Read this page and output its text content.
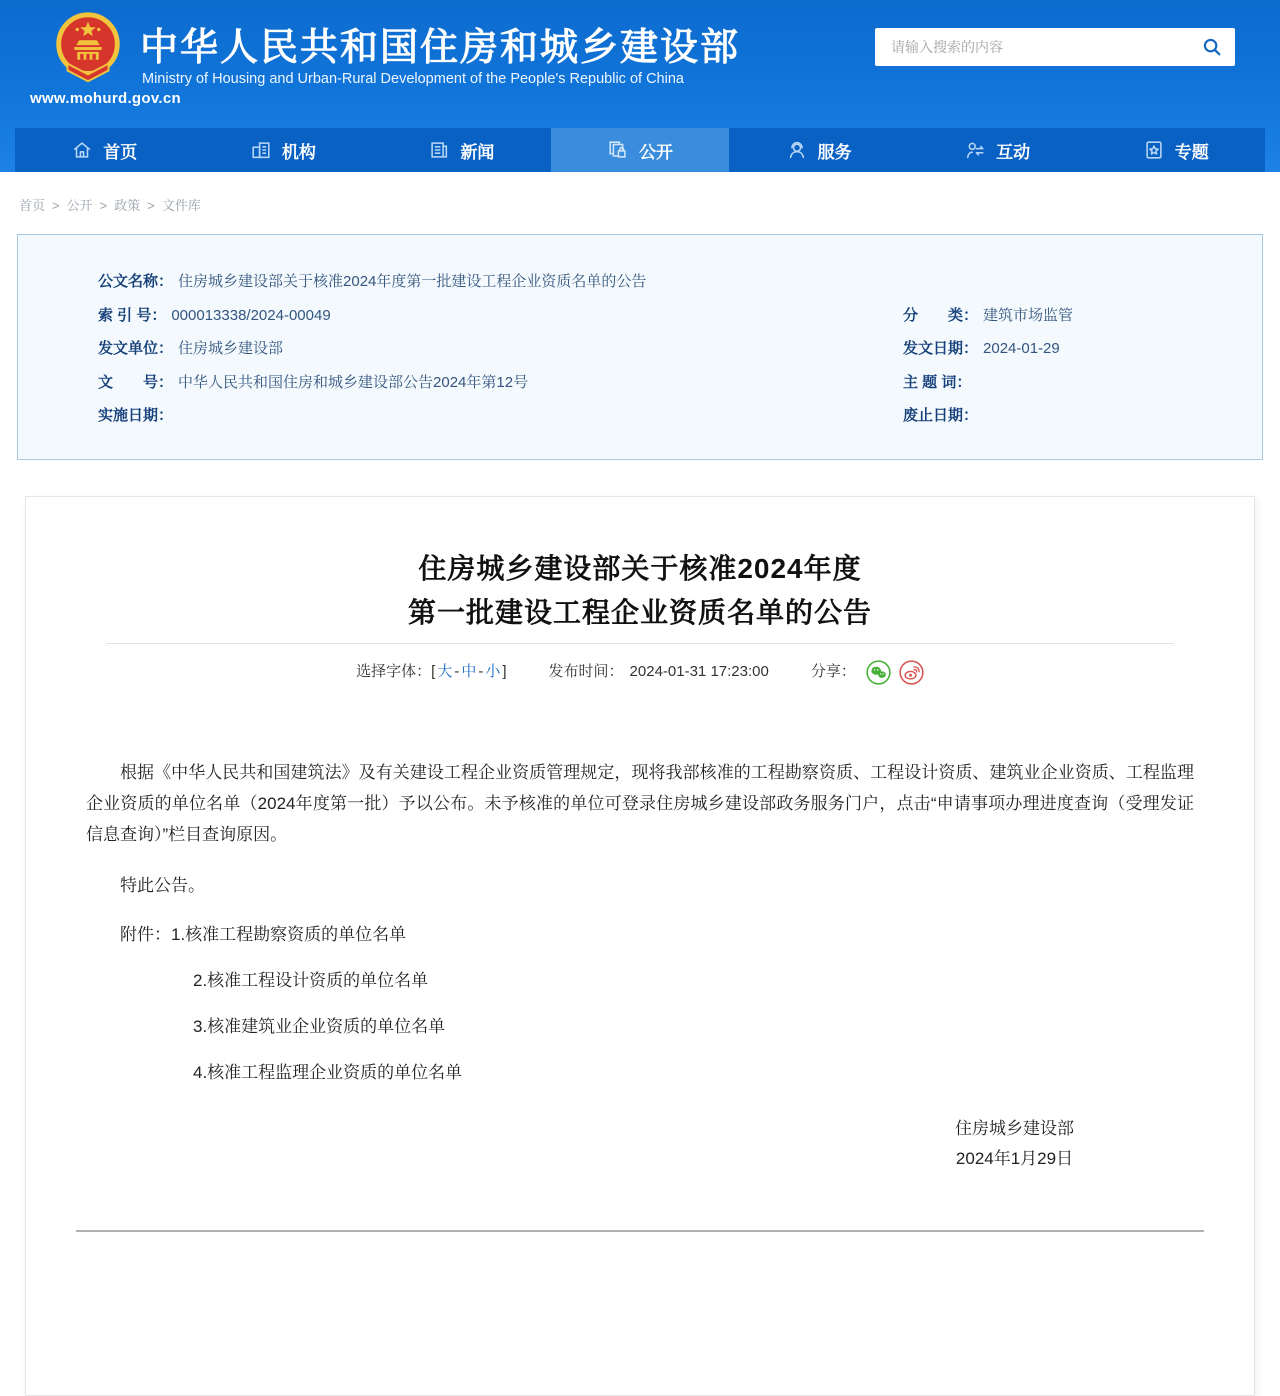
www.mohurd.gov.cn
中华人民共和国住房和城乡建设部
Ministry of Housing and Urban-Rural Development of the People's Republic of China
请输入搜索的内容
首页	机构	新闻	公开	服务	互动	专题
首页 > 公开 > 政策 > 文件库
公文名称： 住房城乡建设部关于核准2024年度第一批建设工程企业资质名单的公告
索 引 号： 000013338/2024-00049	分　　类： 建筑市场监管
发文单位： 住房城乡建设部	发文日期： 2024-01-29
文　　号： 中华人民共和国住房和城乡建设部公告2024年第12号	主 题 词：
实施日期：	废止日期：
住房城乡建设部关于核准2024年度
第一批建设工程企业资质名单的公告
选择字体： [ 大 - 中 - 小 ]	发布时间： 2024-01-31 17:23:00	分享：

根据《中华人民共和国建筑法》及有关建设工程企业资质管理规定，现将我部核准的工程勘察资质、工程设计资质、建筑业企业资质、工程监理企业资质的单位名单（2024年度第一批）予以公布。未予核准的单位可登录住房城乡建设部政务服务门户，点击“申请事项办理进度查询（受理发证信息查询）”栏目查询原因。

特此公告。

附件：1.核准工程勘察资质的单位名单

2.核准工程设计资质的单位名单

3.核准建筑业企业资质的单位名单

4.核准工程监理企业资质的单位名单

住房城乡建设部
2024年1月29日
